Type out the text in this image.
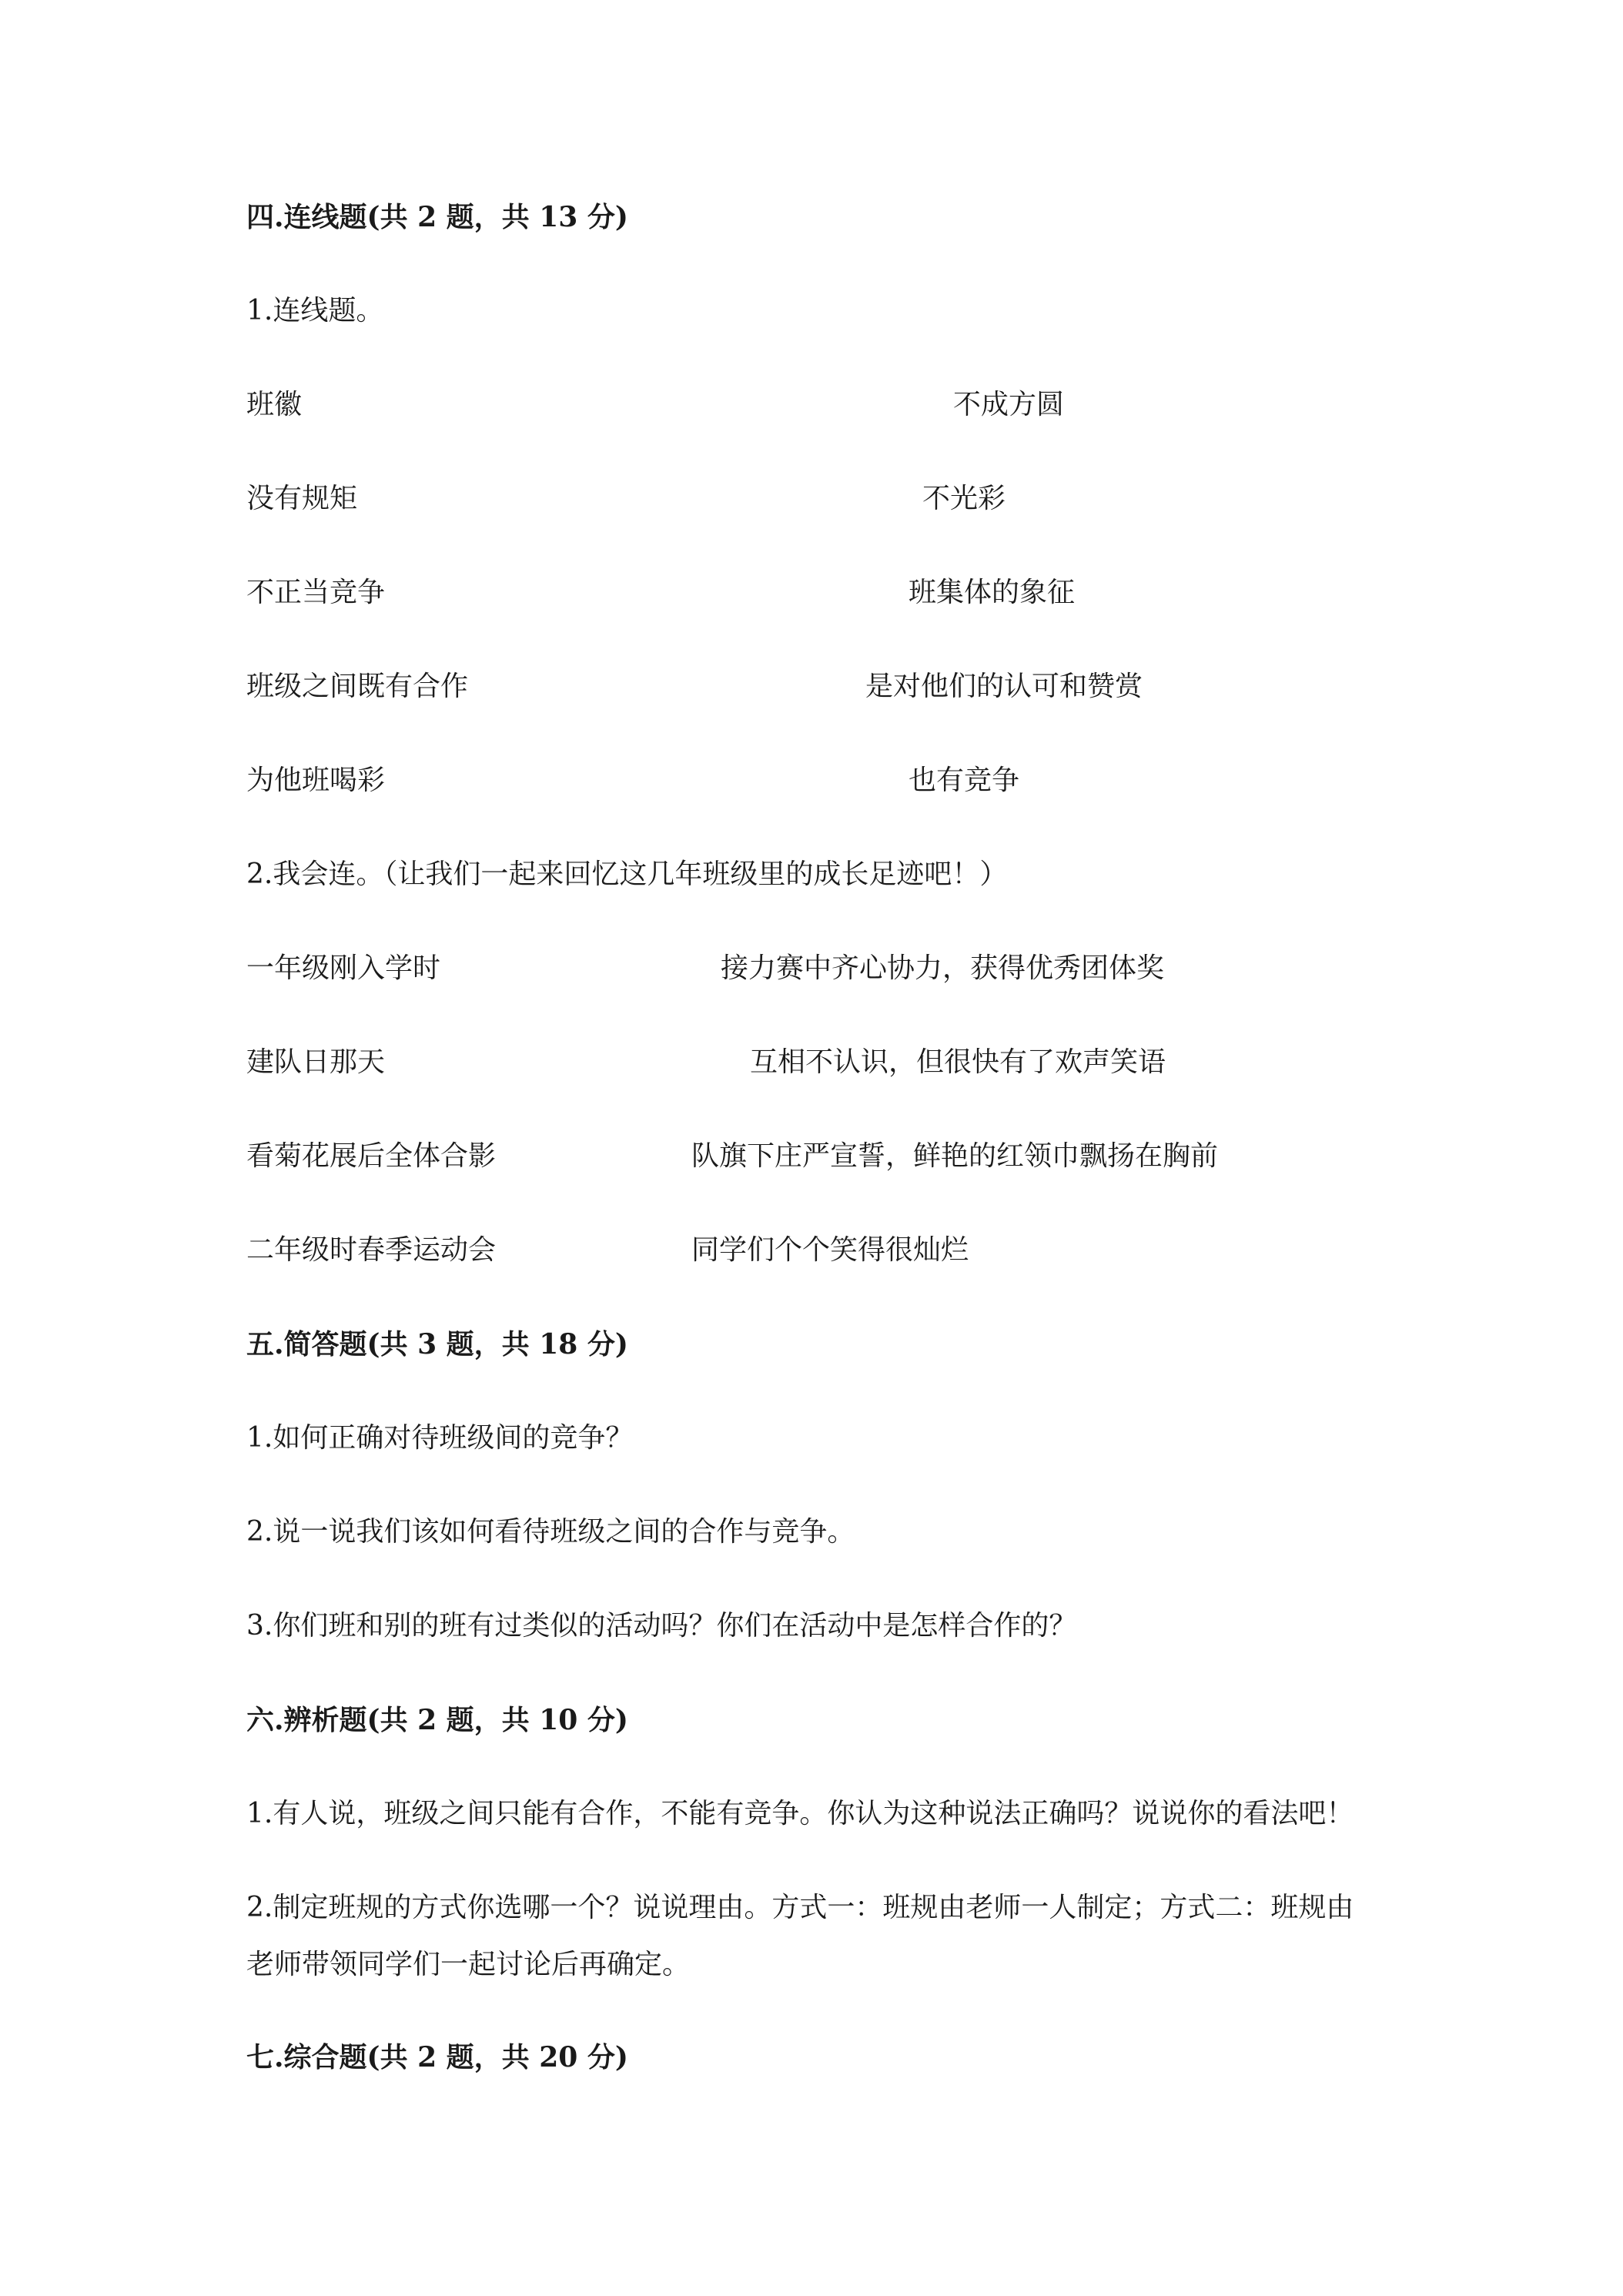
四.连线题(共 2 题，共 13 分)
1.连线题。
班徽	不成方圆
没有规矩	不光彩
不正当竞争	班集体的象征
班级之间既有合作	是对他们的认可和赞赏
为他班喝彩	也有竞争
2.我会连。（让我们一起来回忆这几年班级里的成长足迹吧！）
一年级刚入学时	接力赛中齐心协力，获得优秀团体奖
建队日那天	互相不认识，但很快有了欢声笑语
看菊花展后全体合影	队旗下庄严宣誓，鲜艳的红领巾飘扬在胸前
二年级时春季运动会	同学们个个笑得很灿烂
五.简答题(共 3 题，共 18 分)
1.如何正确对待班级间的竞争？
2.说一说我们该如何看待班级之间的合作与竞争。
3.你们班和别的班有过类似的活动吗？你们在活动中是怎样合作的？
六.辨析题(共 2 题，共 10 分)
1.有人说，班级之间只能有合作，不能有竞争。你认为这种说法正确吗？说说你的看法吧！
2.制定班规的方式你选哪一个？说说理由。方式一：班规由老师一人制定；方式二：班规由
老师带领同学们一起讨论后再确定。
七.综合题(共 2 题，共 20 分)
